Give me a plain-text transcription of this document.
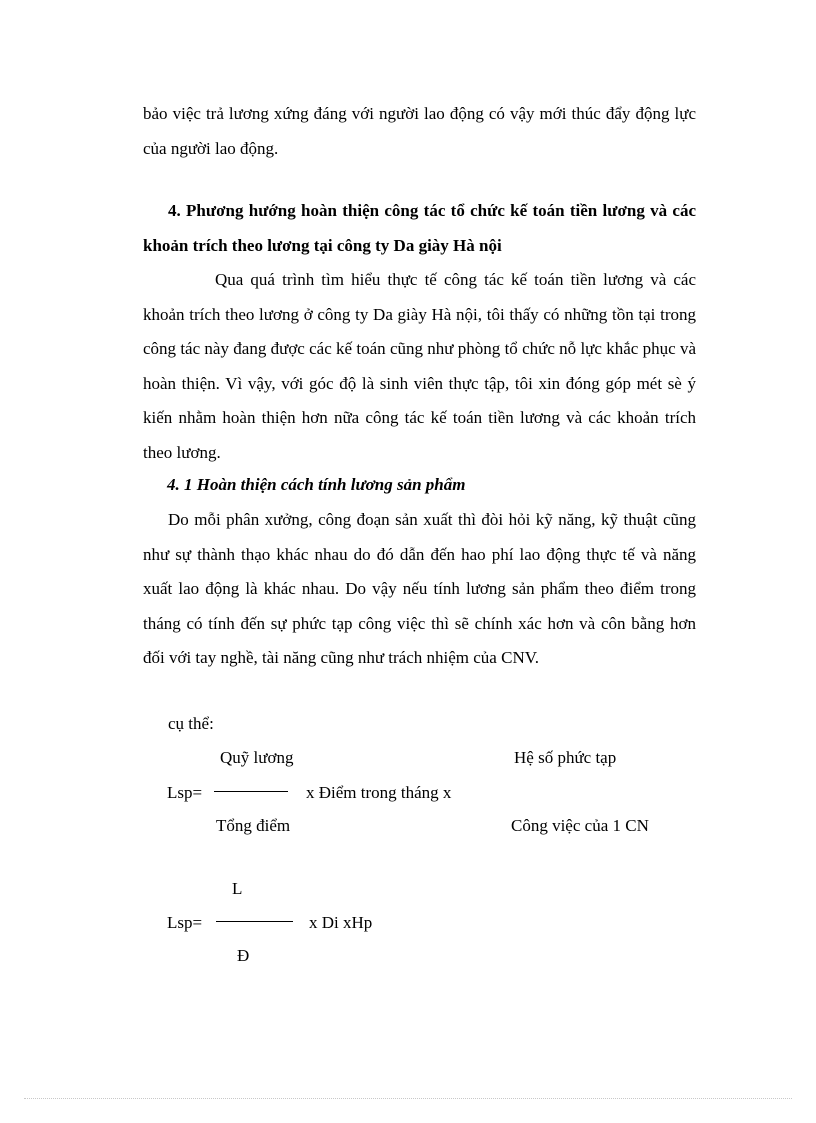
bảo việc trả lương xứng đáng với người lao động có vậy mới thúc đẩy động lực của người lao động.
4. Phương hướng hoàn thiện công tác tổ chức kế toán tiền lương và các khoản trích theo lương tại công ty Da giày Hà nội
Qua quá trình tìm hiểu thực tế công tác kế toán tiền lương và các khoản trích theo lương ở công ty Da giày Hà nội, tôi thấy có những tồn tại trong công tác này đang được các kế toán cũng như phòng tổ chức nỗ lực khắc phục và hoàn thiện. Vì vậy, với góc độ là sinh viên thực tập, tôi xin đóng góp mét sè ý kiến nhằm hoàn thiện hơn nữa công tác kế toán tiền lương và các khoản trích theo lương.
4. 1 Hoàn thiện cách tính lương sản phẩm
Do mỗi phân xưởng, công đoạn sản xuất thì đòi hỏi kỹ năng, kỹ thuật cũng như sự thành thạo khác nhau do đó dẫn đến hao phí lao động thực tế và năng xuất lao động là khác nhau. Do vậy nếu tính lương sản phẩm theo điểm trong tháng có tính đến sự phức tạp công việc thì sẽ chính xác hơn và côn bằng hơn đối với tay nghề, tài năng cũng như trách nhiệm của CNV.
cụ thể:
Quỹ lương	Hệ số phức tạp
Lsp=	x Điểm trong tháng x
Tổng điểm	Công việc của 1 CN
L
Lsp=	x Di xHp
Đ
